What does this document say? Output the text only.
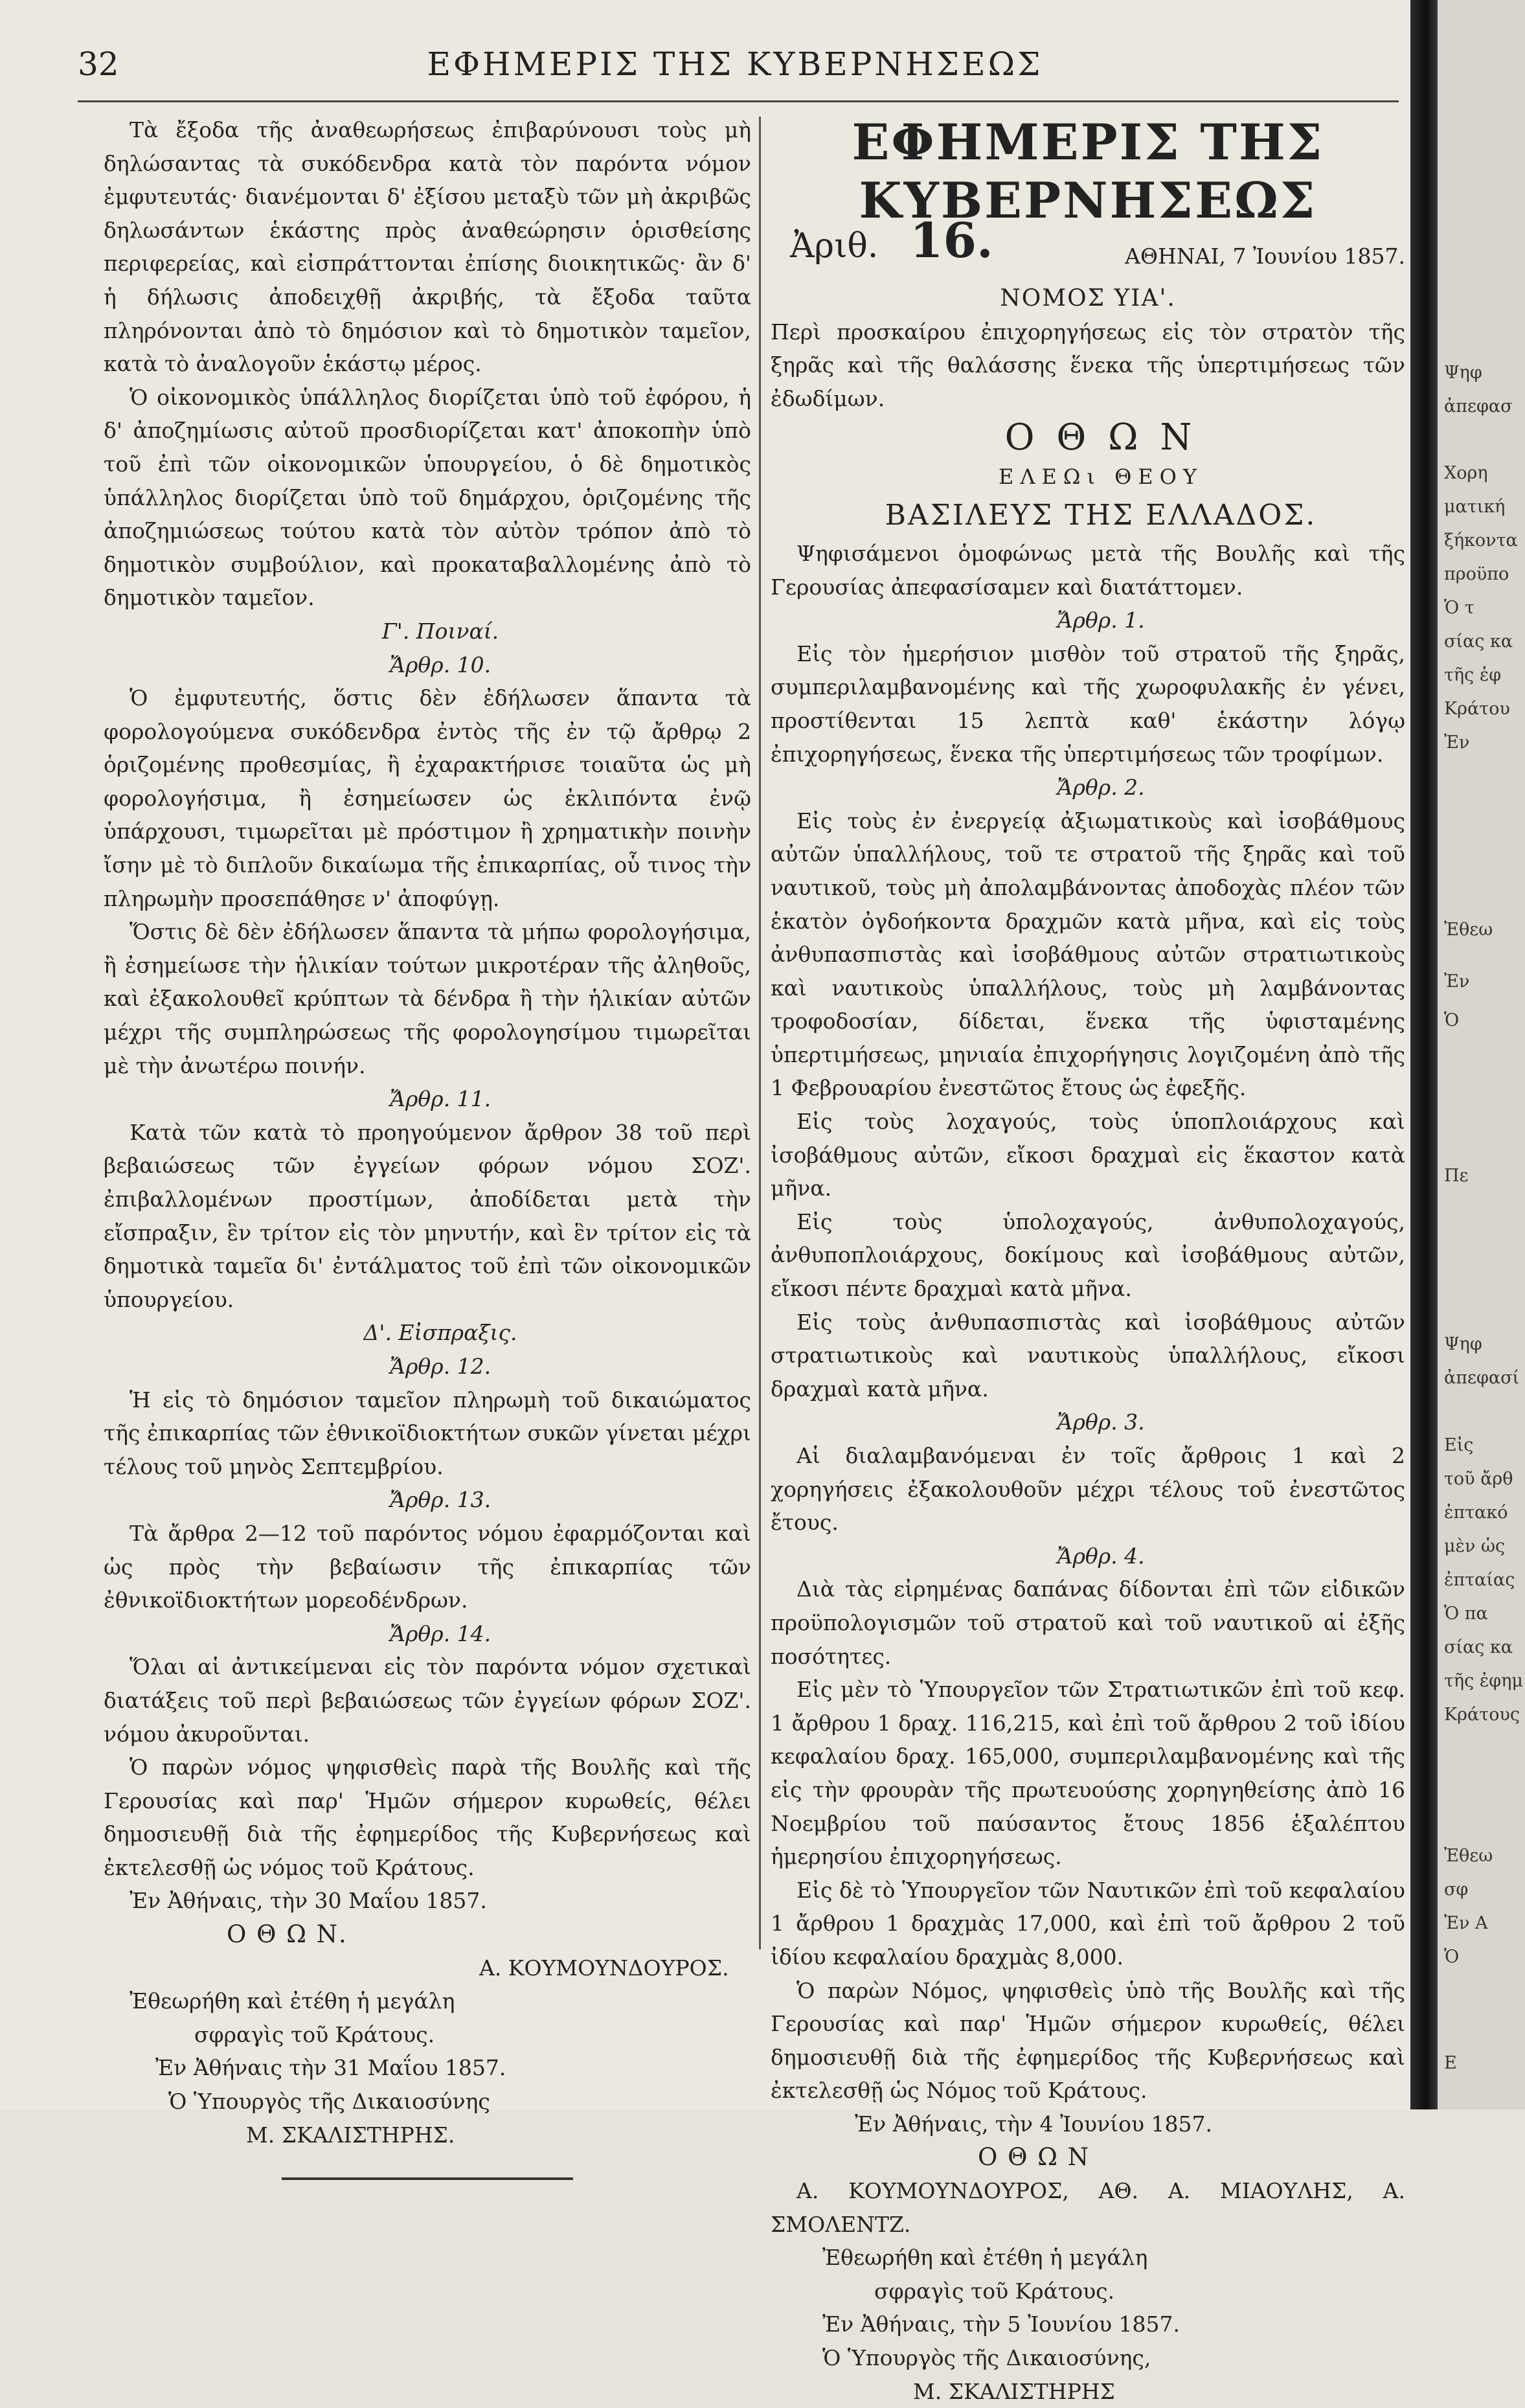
32	ΕΦΗΜΕΡΙΣ ΤΗΣ ΚΥΒΕΡΝΗΣΕΩΣ

Τὰ ἔξοδα τῆς ἀναθεωρήσεως ἐπιβαρύνουσι τοὺς μὴ δηλώσαντας τὰ συκόδενδρα κατὰ τὸν παρόντα νόμον ἐμφυτευτάς· διανέμονται δ' ἐξίσου μεταξὺ τῶν μὴ ἀκριβῶς δηλωσάντων ἑκάστης πρὸς ἀναθεώρησιν ὁρισθείσης περιφερείας, καὶ εἰσπράττονται ἐπίσης διοικητικῶς· ἂν δ' ἡ δήλωσις ἀποδειχθῇ ἀκριβής, τὰ ἔξοδα ταῦτα πληρόνονται ἀπὸ τὸ δημόσιον καὶ τὸ δημοτικὸν ταμεῖον, κατὰ τὸ ἀναλογοῦν ἑκάστῳ μέρος.

Ὁ οἰκονομικὸς ὑπάλληλος διορίζεται ὑπὸ τοῦ ἐφόρου, ἡ δ' ἀποζημίωσις αὐτοῦ προσδιορίζεται κατ' ἀποκοπὴν ὑπὸ τοῦ ἐπὶ τῶν οἰκονομικῶν ὑπουργείου, ὁ δὲ δημοτικὸς ὑπάλληλος διορίζεται ὑπὸ τοῦ δημάρχου, ὁριζομένης τῆς ἀποζημιώσεως τούτου κατὰ τὸν αὐτὸν τρόπον ἀπὸ τὸ δημοτικὸν συμβούλιον, καὶ προκαταβαλλομένης ἀπὸ τὸ δημοτικὸν ταμεῖον.

Γ'. Ποιναί.

Ἄρθρ. 10.

Ὁ ἐμφυτευτής, ὅστις δὲν ἐδήλωσεν ἅπαντα τὰ φορολογούμενα συκόδενδρα ἐντὸς τῆς ἐν τῷ ἄρθρῳ 2 ὁριζομένης προθεσμίας, ἢ ἐχαρακτήρισε τοιαῦτα ὡς μὴ φορολογήσιμα, ἢ ἐσημείωσεν ὡς ἐκλιπόντα ἐνῷ ὑπάρχουσι, τιμωρεῖται μὲ πρόστιμον ἢ χρηματικὴν ποινὴν ἴσην μὲ τὸ διπλοῦν δικαίωμα τῆς ἐπικαρπίας, οὗ τινος τὴν πληρωμὴν προσεπάθησε ν' ἀποφύγῃ.

Ὅστις δὲ δὲν ἐδήλωσεν ἅπαντα τὰ μήπω φορολογήσιμα, ἢ ἐσημείωσε τὴν ἡλικίαν τούτων μικροτέραν τῆς ἀληθοῦς, καὶ ἐξακολουθεῖ κρύπτων τὰ δένδρα ἢ τὴν ἡλικίαν αὐτῶν μέχρι τῆς συμπληρώσεως τῆς φορολογησίμου τιμωρεῖται μὲ τὴν ἀνωτέρω ποινήν.

Ἄρθρ. 11.

Κατὰ τῶν κατὰ τὸ προηγούμενον ἄρθρον 38 τοῦ περὶ βεβαιώσεως τῶν ἐγγείων φόρων νόμου ΣΟΖ'. ἐπιβαλλομένων προστίμων, ἀποδίδεται μετὰ τὴν εἴσπραξιν, ἓν τρίτον εἰς τὸν μηνυτήν, καὶ ἓν τρίτον εἰς τὰ δημοτικὰ ταμεῖα δι' ἐντάλματος τοῦ ἐπὶ τῶν οἰκονομικῶν ὑπουργείου.

Δ'. Εἰσπραξις.

Ἄρθρ. 12.

Ἡ εἰς τὸ δημόσιον ταμεῖον πληρωμὴ τοῦ δικαιώματος τῆς ἐπικαρπίας τῶν ἐθνικοϊδιοκτήτων συκῶν γίνεται μέχρι τέλους τοῦ μηνὸς Σεπτεμβρίου.

Ἄρθρ. 13.

Τὰ ἄρθρα 2—12 τοῦ παρόντος νόμου ἐφαρμόζονται καὶ ὡς πρὸς τὴν βεβαίωσιν τῆς ἐπικαρπίας τῶν ἐθνικοϊδιοκτήτων μορεοδένδρων.

Ἄρθρ. 14.

Ὅλαι αἱ ἀντικείμεναι εἰς τὸν παρόντα νόμον σχετικαὶ διατάξεις τοῦ περὶ βεβαιώσεως τῶν ἐγγείων φόρων ΣΟΖ'. νόμου ἀκυροῦνται.

Ὁ παρὼν νόμος ψηφισθεὶς παρὰ τῆς Βουλῆς καὶ τῆς Γερουσίας καὶ παρ' Ἡμῶν σήμερον κυρωθείς, θέλει δημοσιευθῇ διὰ τῆς ἐφημερίδος τῆς Κυβερνήσεως καὶ ἐκτελεσθῇ ὡς νόμος τοῦ Κράτους.

Ἐν Ἀθήναις, τὴν 30 Μαΐου 1857.

Ο Θ Ω Ν.

Α. ΚΟΥΜΟΥΝΔΟΥΡΟΣ.

Ἐθεωρήθη καὶ ἐτέθη ἡ μεγάλη

σφραγὶς τοῦ Κράτους.

Ἐν Ἀθήναις τὴν 31 Μαΐου 1857.

Ὁ Ὑπουργὸς τῆς Δικαιοσύνης

Μ. ΣΚΑΛΙΣΤΗΡΗΣ.

ΕΦΗΜΕΡΙΣ ΤΗΣ ΚΥΒΕΡΝΗΣΕΩΣ

Ἀριθ. 16.	ΑΘΗΝΑΙ, 7 Ἰουνίου 1857.

ΝΟΜΟΣ ΥΙΑ'.

Περὶ προσκαίρου ἐπιχορηγήσεως εἰς τὸν στρατὸν τῆς ξηρᾶς καὶ τῆς θαλάσσης ἕνεκα τῆς ὑπερτιμήσεως τῶν ἐδωδίμων.

Ο Θ Ω Ν

ΕΛΕΩι ΘΕΟΥ

ΒΑΣΙΛΕΥΣ ΤΗΣ ΕΛΛΑΔΟΣ.

Ψηφισάμενοι ὁμοφώνως μετὰ τῆς Βουλῆς καὶ τῆς Γερουσίας ἀπεφασίσαμεν καὶ διατάττομεν.

Ἄρθρ. 1.

Εἰς τὸν ἡμερήσιον μισθὸν τοῦ στρατοῦ τῆς ξηρᾶς, συμπεριλαμβανομένης καὶ τῆς χωροφυλακῆς ἐν γένει, προστίθενται 15 λεπτὰ καθ' ἑκάστην λόγῳ ἐπιχορηγήσεως, ἕνεκα τῆς ὑπερτιμήσεως τῶν τροφίμων.

Ἄρθρ. 2.

Εἰς τοὺς ἐν ἐνεργείᾳ ἀξιωματικοὺς καὶ ἰσοβάθμους αὐτῶν ὑπαλλήλους, τοῦ τε στρατοῦ τῆς ξηρᾶς καὶ τοῦ ναυτικοῦ, τοὺς μὴ ἀπολαμβάνοντας ἀποδοχὰς πλέον τῶν ἑκατὸν ὀγδοήκοντα δραχμῶν κατὰ μῆνα, καὶ εἰς τοὺς ἀνθυπασπιστὰς καὶ ἰσοβάθμους αὐτῶν στρατιωτικοὺς καὶ ναυτικοὺς ὑπαλλήλους, τοὺς μὴ λαμβάνοντας τροφοδοσίαν, δίδεται, ἕνεκα τῆς ὑφισταμένης ὑπερτιμήσεως, μηνιαία ἐπιχορήγησις λογιζομένη ἀπὸ τῆς 1 Φεβρουαρίου ἐνεστῶτος ἔτους ὡς ἐφεξῆς.

Εἰς τοὺς λοχαγούς, τοὺς ὑποπλοιάρχους καὶ ἰσοβάθμους αὐτῶν, εἴκοσι δραχμαὶ εἰς ἕκαστον κατὰ μῆνα.

Εἰς τοὺς ὑπολοχαγούς, ἀνθυπολοχαγούς, ἀνθυποπλοιάρχους, δοκίμους καὶ ἰσοβάθμους αὐτῶν, εἴκοσι πέντε δραχμαὶ κατὰ μῆνα.

Εἰς τοὺς ἀνθυπασπιστὰς καὶ ἰσοβάθμους αὐτῶν στρατιωτικοὺς καὶ ναυτικοὺς ὑπαλλήλους, εἴκοσι δραχμαὶ κατὰ μῆνα.

Ἄρθρ. 3.

Αἱ διαλαμβανόμεναι ἐν τοῖς ἄρθροις 1 καὶ 2 χορηγήσεις ἐξακολουθοῦν μέχρι τέλους τοῦ ἐνεστῶτος ἔτους.

Ἄρθρ. 4.

Διὰ τὰς εἰρημένας δαπάνας δίδονται ἐπὶ τῶν εἰδικῶν προϋπολογισμῶν τοῦ στρατοῦ καὶ τοῦ ναυτικοῦ αἱ ἐξῆς ποσότητες.

Εἰς μὲν τὸ Ὑπουργεῖον τῶν Στρατιωτικῶν ἐπὶ τοῦ κεφ. 1 ἄρθρου 1 δραχ. 116,215, καὶ ἐπὶ τοῦ ἄρθρου 2 τοῦ ἰδίου κεφαλαίου δραχ. 165,000, συμπεριλαμβανομένης καὶ τῆς εἰς τὴν φρουρὰν τῆς πρωτευούσης χορηγηθείσης ἀπὸ 16 Νοεμβρίου τοῦ παύσαντος ἔτους 1856 ἑξαλέπτου ἡμερησίου ἐπιχορηγήσεως.

Εἰς δὲ τὸ Ὑπουργεῖον τῶν Ναυτικῶν ἐπὶ τοῦ κεφαλαίου 1 ἄρθρου 1 δραχμὰς 17,000, καὶ ἐπὶ τοῦ ἄρθρου 2 τοῦ ἰδίου κεφαλαίου δραχμὰς 8,000.

Ὁ παρὼν Νόμος, ψηφισθεὶς ὑπὸ τῆς Βουλῆς καὶ τῆς Γερουσίας καὶ παρ' Ἡμῶν σήμερον κυρωθείς, θέλει δημοσιευθῇ διὰ τῆς ἐφημερίδος τῆς Κυβερνήσεως καὶ ἐκτελεσθῇ ὡς Νόμος τοῦ Κράτους.

Ἐν Ἀθήναις, τὴν 4 Ἰουνίου 1857.

Ο Θ Ω Ν

Α. ΚΟΥΜΟΥΝΔΟΥΡΟΣ, ΑΘ. Α. ΜΙΑΟΥΛΗΣ, Α. ΣΜΟΛΕΝΤΖ.

Ἐθεωρήθη καὶ ἐτέθη ἡ μεγάλη

σφραγὶς τοῦ Κράτους.

Ἐν Ἀθήναις, τὴν 5 Ἰουνίου 1857.

Ὁ Ὑπουργὸς τῆς Δικαιοσύνης,

Μ. ΣΚΑΛΙΣΤΗΡΗΣ

Ψηφ
ἀπεφασ
Χορη
ματική
ξήκοντα
προϋπο
Ὁ τ
σίας κα
τῆς ἐφ
Κράτου
Ἐν
Ἐθεω
Ἐν
Ὁ
Πε
Ψηφ
ἀπεφασί
Εἰς
τοῦ ἄρθ
ἐπτακό
μὲν ὡς
ἐπταίας
Ὁ πα
σίας κα
τῆς ἐφημ
Κράτους
Ἐθεω
σφ
Ἐν Α
Ὁ
Ε
